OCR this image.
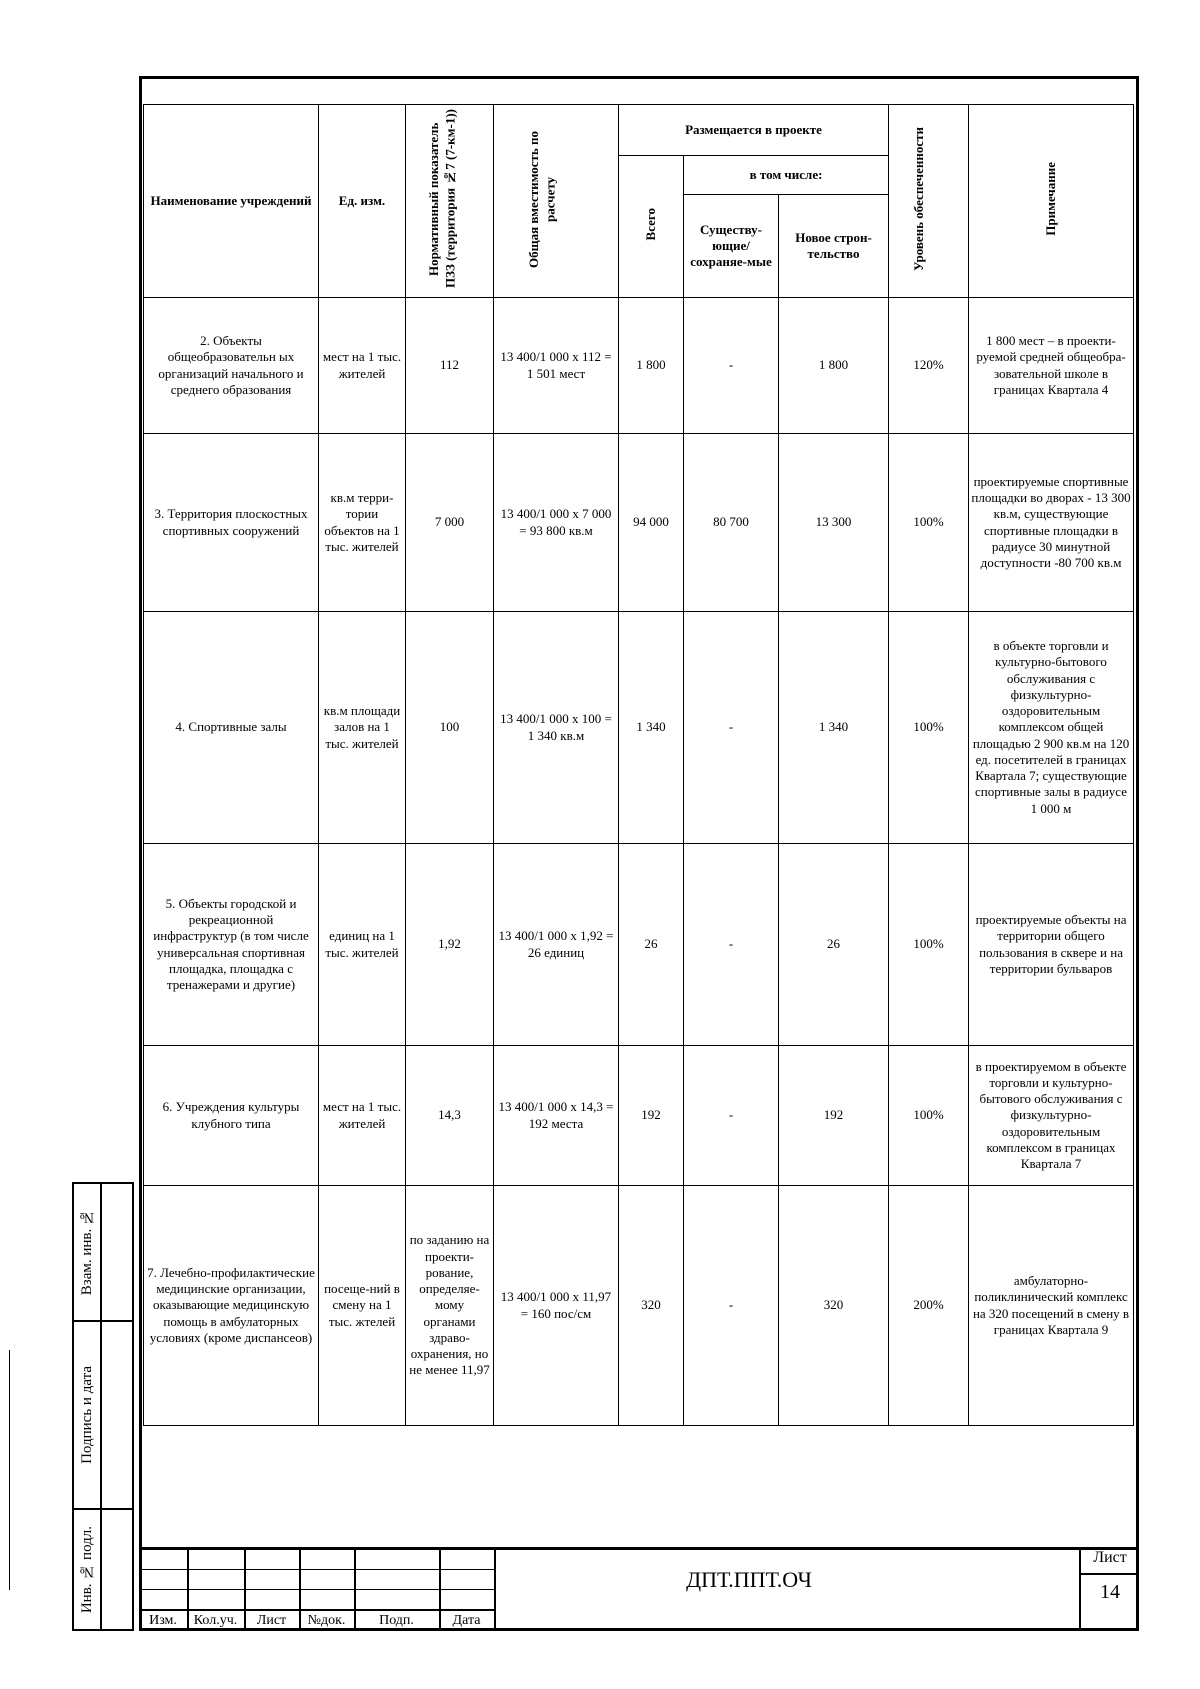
Взам. инв. №
Подпись и дата
Инв. № подл.
Наименование учреждений	Ед. изм.	Нормативный показатель ПЗЗ (территория №7 (7-км-1))	Общая вместимость по расчету	Размещается в проекте			Уровень обеспеченности	Примечание
				Всего	в том числе:			
					Существу-ющие/ сохраняе-мые	Новое строн-тельство		
2. Объекты общеобразовательн ых организаций начального и среднего образования	мест на 1 тыс. жителей	112	13 400/1 000 х 112 = 1 501 мест	1 800	-	1 800	120%	1 800 мест – в проекти-руемой средней общеобра-зовательной школе в границах Квартала 4
3. Территория плоскостных спортивных сооружений	кв.м терри-тории объектов на 1 тыс. жителей	7 000	13 400/1 000 х 7 000 = 93 800 кв.м	94 000	80 700	13 300	100%	проектируемые спортивные площадки во дворах - 13 300 кв.м, существующие спортивные площадки в радиусе 30 минутной доступности -80 700 кв.м
4. Спортивные залы	кв.м площади залов на 1 тыс. жителей	100	13 400/1 000 х 100 = 1 340 кв.м	1 340	-	1 340	100%	в объекте торговли и культурно-бытового обслуживания с физкультурно-оздоровительным комплексом общей площадью 2 900 кв.м на 120 ед. посетителей в границах Квартала 7; существующие спортивные залы в радиусе 1 000 м
5. Объекты городской и рекреационной инфраструктур (в том числе универсальная спортивная площадка, площадка с тренажерами и другие)	единиц на 1 тыс. жителей	1,92	13 400/1 000 х 1,92 = 26 единиц	26	-	26	100%	проектируемые объекты на территории общего пользования в сквере и на территории бульваров
6. Учреждения культуры клубного типа	мест на 1 тыс. жителей	14,3	13 400/1 000 х 14,3 = 192 места	192	-	192	100%	в проектируемом в объекте торговли и культурно-бытового обслуживания с физкультурно-оздоровительным комплексом в границах Квартала 7
7. Лечебно-профилактические медицинские организации, оказывающие медицинскую помощь в амбулаторных условиях (кроме диспансеов)	посеще-ний в смену на 1 тыс. жтелей	по заданию на проекти-рование, определяе-мому органами здраво-охранения, но не менее 11,97	13 400/1 000 х 11,97 = 160 пос/см	320	-	320	200%	амбулаторно-поликлинический комплекс на 320 посещений в смену в границах Квартала 9
Изм.	Кол.уч.	Лист	№док.	Подп.	Дата
ДПТ.ППТ.ОЧ
Лист
14
